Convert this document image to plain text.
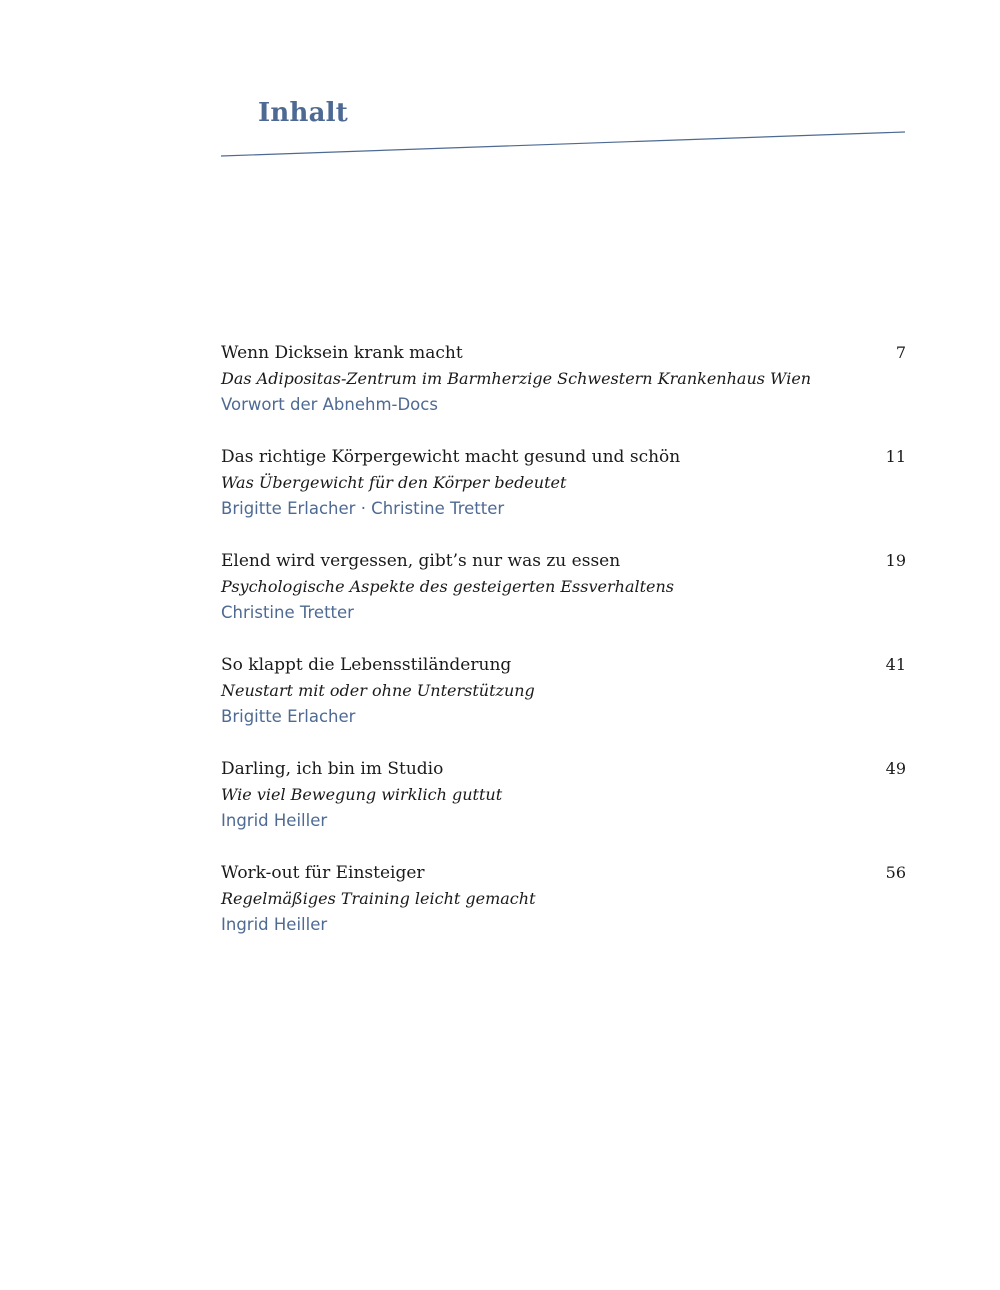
Inhalt
Wenn Dicksein krank macht	7
Das Adipositas-Zentrum im Barmherzige Schwestern Krankenhaus Wien
Vorwort der Abnehm-Docs
Das richtige Körpergewicht macht gesund und schön	11
Was Übergewicht für den Körper bedeutet
Brigitte Erlacher · Christine Tretter
Elend wird vergessen, gibt’s nur was zu essen	19
Psychologische Aspekte des gesteigerten Essverhaltens
Christine Tretter
So klappt die Lebensstiländerung	41
Neustart mit oder ohne Unterstützung
Brigitte Erlacher
Darling, ich bin im Studio	49
Wie viel Bewegung wirklich guttut
Ingrid Heiller
Work-out für Einsteiger	56
Regelmäßiges Training leicht gemacht
Ingrid Heiller
